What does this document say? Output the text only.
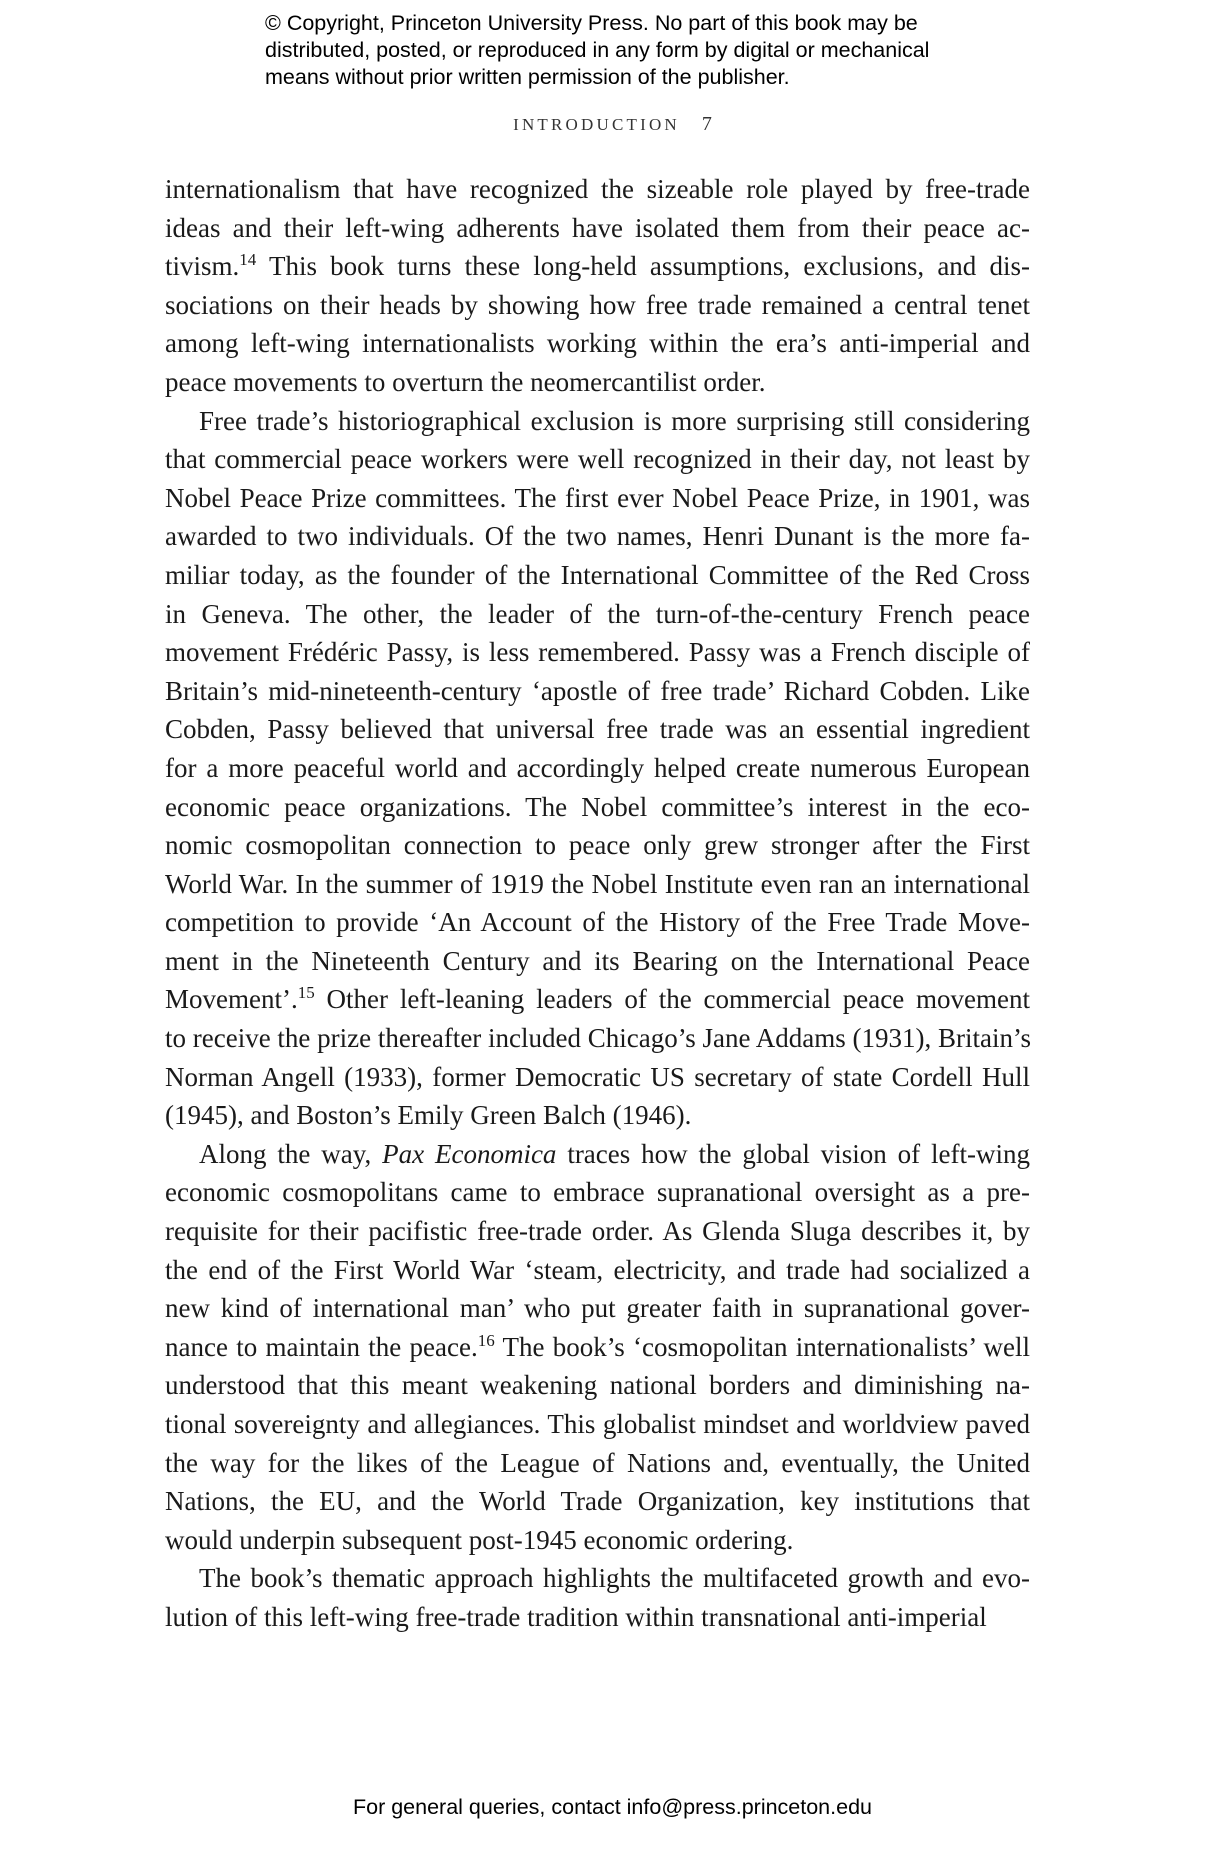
© Copyright, Princeton University Press. No part of this book may be
distributed, posted, or reproduced in any form by digital or mechanical
means without prior written permission of the publisher.
INTRODUCTION 7
internationalism that have recognized the sizeable role played by free-trade
ideas and their left-wing adherents have isolated them from their peace ac-
tivism.$^{14}$ This book turns these long-held assumptions, exclusions, and dis-
sociations on their heads by showing how free trade remained a central tenet
among left-wing internationalists working within the era’s anti-imperial and
peace movements to overturn the neomercantilist order.
Free trade’s historiographical exclusion is more surprising still considering
that commercial peace workers were well recognized in their day, not least by
Nobel Peace Prize committees. The first ever Nobel Peace Prize, in 1901, was
awarded to two individuals. Of the two names, Henri Dunant is the more fa-
miliar today, as the founder of the International Committee of the Red Cross
in Geneva. The other, the leader of the turn-of-the-century French peace
movement Frédéric Passy, is less remembered. Passy was a French disciple of
Britain’s mid-nineteenth-century ‘apostle of free trade’ Richard Cobden. Like
Cobden, Passy believed that universal free trade was an essential ingredient
for a more peaceful world and accordingly helped create numerous European
economic peace organizations. The Nobel committee’s interest in the eco-
nomic cosmopolitan connection to peace only grew stronger after the First
World War. In the summer of 1919 the Nobel Institute even ran an international
competition to provide ‘An Account of the History of the Free Trade Move-
ment in the Nineteenth Century and its Bearing on the International Peace
Movement’.$^{15}$ Other left-leaning leaders of the commercial peace movement
to receive the prize thereafter included Chicago’s Jane Addams (1931), Britain’s
Norman Angell (1933), former Democratic US secretary of state Cordell Hull
(1945), and Boston’s Emily Green Balch (1946).
Along the way, Pax Economica traces how the global vision of left-wing
economic cosmopolitans came to embrace supranational oversight as a pre-
requisite for their pacifistic free-trade order. As Glenda Sluga describes it, by
the end of the First World War ‘steam, electricity, and trade had socialized a
new kind of international man’ who put greater faith in supranational gover-
nance to maintain the peace.$^{16}$ The book’s ‘cosmopolitan internationalists’ well
understood that this meant weakening national borders and diminishing na-
tional sovereignty and allegiances. This globalist mindset and worldview paved
the way for the likes of the League of Nations and, eventually, the United
Nations, the EU, and the World Trade Organization, key institutions that
would underpin subsequent post-1945 economic ordering.
The book’s thematic approach highlights the multifaceted growth and evo-
lution of this left-wing free-trade tradition within transnational anti-imperial
For general queries, contact info@press.princeton.edu
